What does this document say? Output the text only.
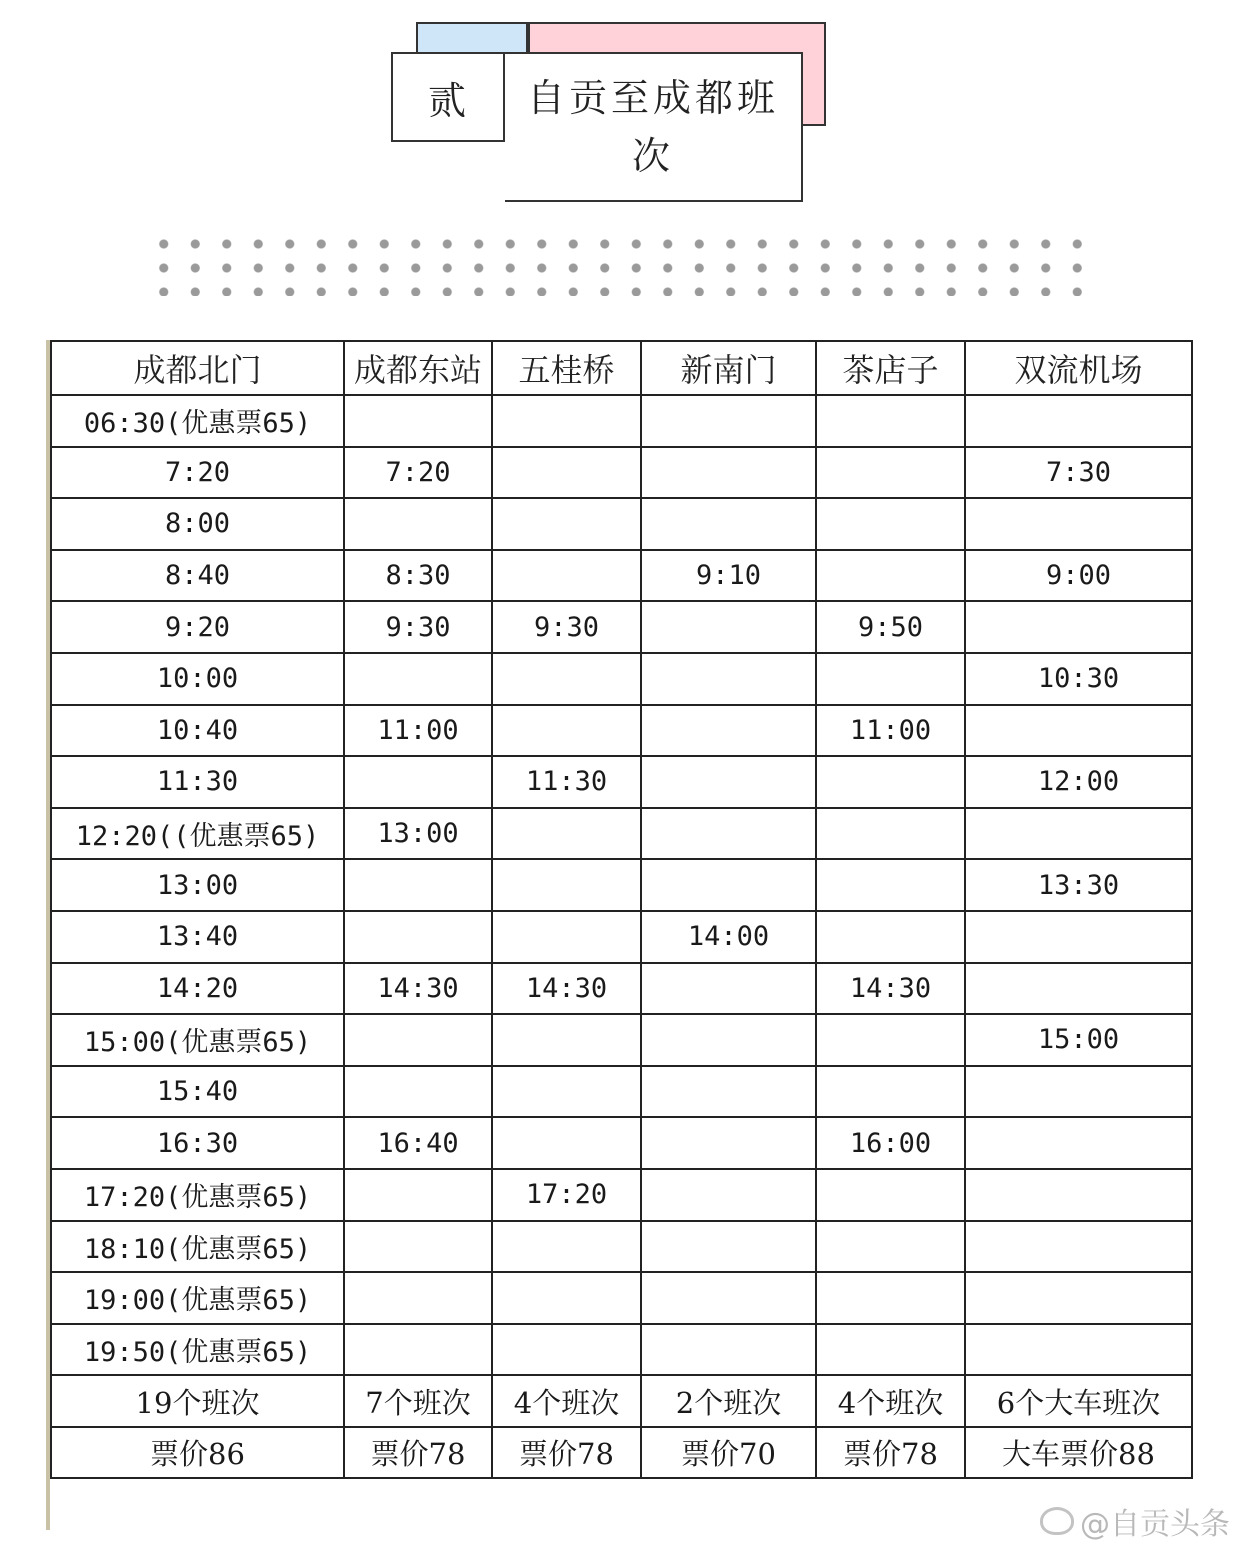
贰	自贡至成都班次
成都北门	成都东站	五桂桥	新南门	茶店子	双流机场
06:30(优惠票65)					
7:20	7:20				7:30
8:00					
8:40	8:30		9:10		9:00
9:20	9:30	9:30		9:50	
10:00					10:30
10:40	11:00			11:00	
11:30		11:30			12:00
12:20((优惠票65)	13:00				
13:00					13:30
13:40			14:00		
14:20	14:30	14:30		14:30	
15:00(优惠票65)					15:00
15:40					
16:30	16:40			16:00	
17:20(优惠票65)		17:20			
18:10(优惠票65)					
19:00(优惠票65)					
19:50(优惠票65)					
19个班次	7个班次	4个班次	2个班次	4个班次	6个大车班次
票价86	票价78	票价78	票价70	票价78	大车票价88
@自贡头条
